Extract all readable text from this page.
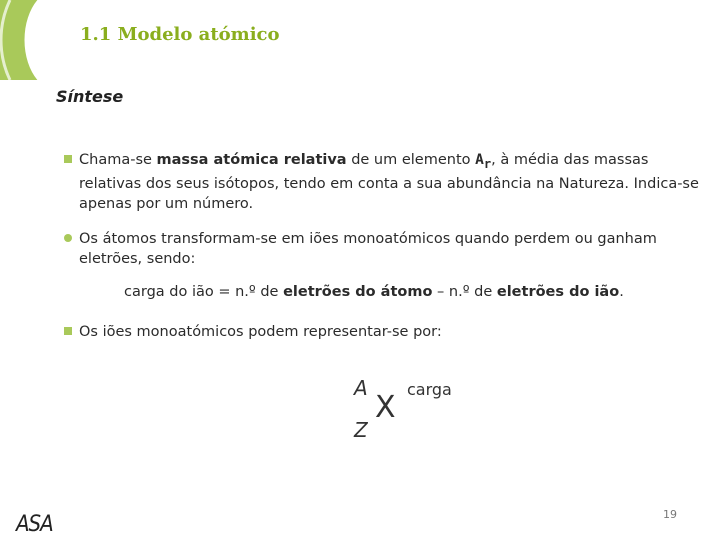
1.1 Modelo atómico
Síntese
Chama-se massa atómica relativa de um elemento $A_r$, à média das massas relativas dos seus isótopos, tendo em conta a sua abundância na Natureza. Indica-se apenas por um número.
Os átomos transformam-se em iões monoatómicos quando perdem ou ganham eletrões, sendo:
carga do ião = n.º de eletrões do átomo – n.º de eletrões do ião.
Os iões monoatómicos podem representar-se por:
A
X
Z
carga
19
ASA
